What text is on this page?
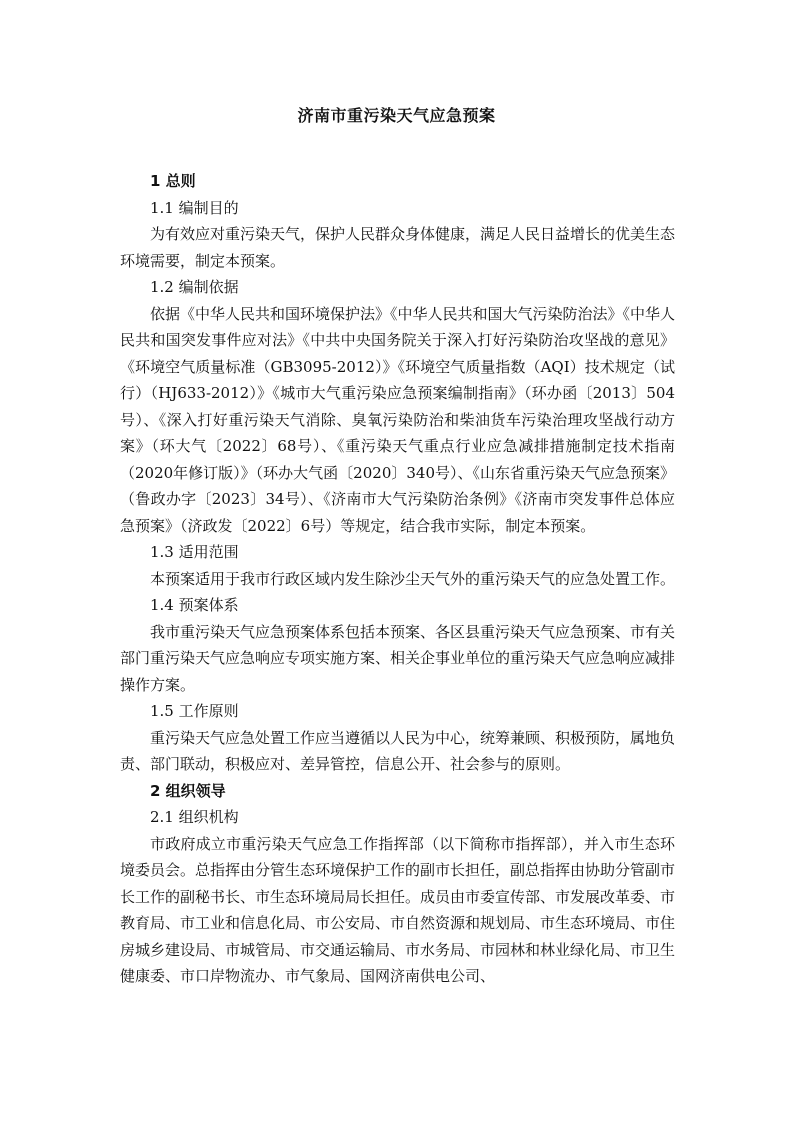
济南市重污染天气应急预案

1 总则

1.1 编制目的

为有效应对重污染天气，保护人民群众身体健康，满足人民日益增长的优美生态环境需要，制定本预案。

1.2 编制依据

依据《中华人民共和国环境保护法》《中华人民共和国大气污染防治法》《中华人民共和国突发事件应对法》《中共中央国务院关于深入打好污染防治攻坚战的意见》《环境空气质量标准（GB3095-2012）》《环境空气质量指数（AQI）技术规定（试行）（HJ633-2012）》《城市大气重污染应急预案编制指南》（环办函〔2013〕504号）、《深入打好重污染天气消除、臭氧污染防治和柴油货车污染治理攻坚战行动方案》（环大气〔2022〕68号）、《重污染天气重点行业应急减排措施制定技术指南（2020年修订版）》（环办大气函〔2020〕340号）、《山东省重污染天气应急预案》（鲁政办字〔2023〕34号）、《济南市大气污染防治条例》《济南市突发事件总体应急预案》（济政发〔2022〕6号）等规定，结合我市实际，制定本预案。

1.3 适用范围

本预案适用于我市行政区域内发生除沙尘天气外的重污染天气的应急处置工作。

1.4 预案体系

我市重污染天气应急预案体系包括本预案、各区县重污染天气应急预案、市有关部门重污染天气应急响应专项实施方案、相关企事业单位的重污染天气应急响应减排操作方案。

1.5 工作原则

重污染天气应急处置工作应当遵循以人民为中心，统筹兼顾、积极预防，属地负责、部门联动，积极应对、差异管控，信息公开、社会参与的原则。

2 组织领导

2.1 组织机构

市政府成立市重污染天气应急工作指挥部（以下简称市指挥部），并入市生态环境委员会。总指挥由分管生态环境保护工作的副市长担任，副总指挥由协助分管副市长工作的副秘书长、市生态环境局局长担任。成员由市委宣传部、市发展改革委、市教育局、市工业和信息化局、市公安局、市自然资源和规划局、市生态环境局、市住房城乡建设局、市城管局、市交通运输局、市水务局、市园林和林业绿化局、市卫生健康委、市口岸物流办、市气象局、国网济南供电公司、
